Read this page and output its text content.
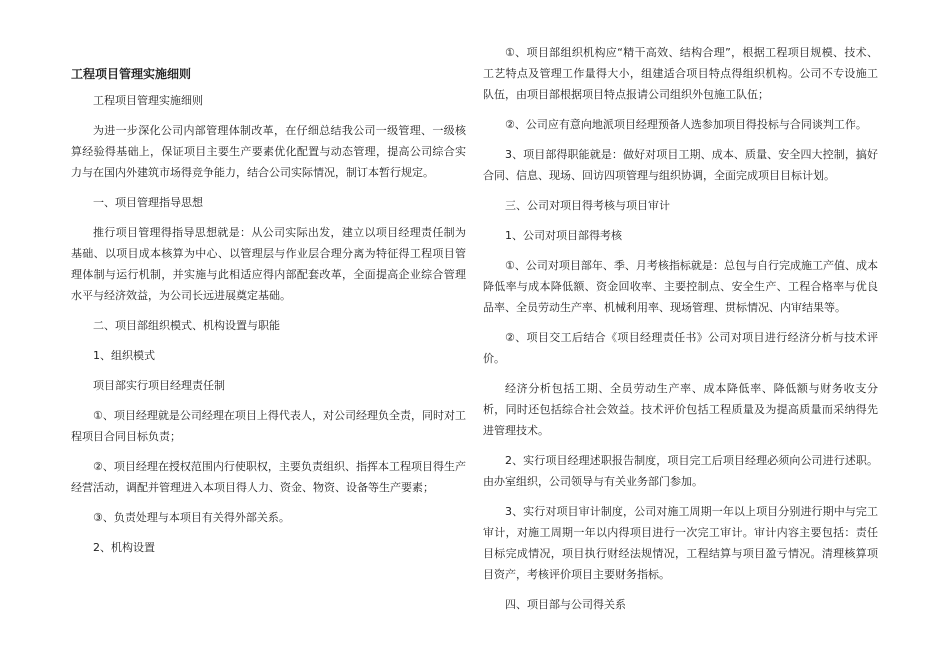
工程项目管理实施细则

工程项目管理实施细则

为进一步深化公司内部管理体制改革，在仔细总结我公司一级管理、一级核算经验得基础上，保证项目主要生产要素优化配置与动态管理，提高公司综合实力与在国内外建筑市场得竞争能力，结合公司实际情况，制订本暂行规定。

一、项目管理指导思想

推行项目管理得指导思想就是：从公司实际出发，建立以项目经理责任制为基础、以项目成本核算为中心、以管理层与作业层合理分离为特征得工程项目管理体制与运行机制，并实施与此相适应得内部配套改革，全面提高企业综合管理水平与经济效益，为公司长远进展奠定基础。

二、项目部组织模式、机构设置与职能

1、组织模式

项目部实行项目经理责任制

①、项目经理就是公司经理在项目上得代表人，对公司经理负全责，同时对工程项目合同目标负责；

②、项目经理在授权范围内行使职权，主要负责组织、指挥本工程项目得生产经营活动，调配并管理进入本项目得人力、资金、物资、设备等生产要素；

③、负责处理与本项目有关得外部关系。

2、机构设置

①、项目部组织机构应“精干高效、结构合理”，根据工程项目规模、技术、工艺特点及管理工作量得大小，组建适合项目特点得组织机构。公司不专设施工队伍，由项目部根据项目特点报请公司组织外包施工队伍；

②、公司应有意向地派项目经理预备人选参加项目得投标与合同谈判工作。

3、项目部得职能就是：做好对项目工期、成本、质量、安全四大控制，搞好合同、信息、现场、回访四项管理与组织协调，全面完成项目目标计划。

三、公司对项目得考核与项目审计

1、公司对项目部得考核

①、公司对项目部年、季、月考核指标就是：总包与自行完成施工产值、成本降低率与成本降低额、资金回收率、主要控制点、安全生产、工程合格率与优良品率、全员劳动生产率、机械利用率、现场管理、贯标情况、内审结果等。

②、项目交工后结合《项目经理责任书》公司对项目进行经济分析与技术评价。

经济分析包括工期、全员劳动生产率、成本降低率、降低额与财务收支分析，同时还包括综合社会效益。技术评价包括工程质量及为提高质量而采纳得先进管理技术。

2、实行项目经理述职报告制度，项目完工后项目经理必须向公司进行述职。由办室组织，公司领导与有关业务部门参加。

3、实行对项目审计制度，公司对施工周期一年以上项目分别进行期中与完工审计，对施工周期一年以内得项目进行一次完工审计。审计内容主要包括：责任目标完成情况，项目执行财经法规情况，工程结算与项目盈亏情况。清理核算项目资产，考核评价项目主要财务指标。

四、项目部与公司得关系
